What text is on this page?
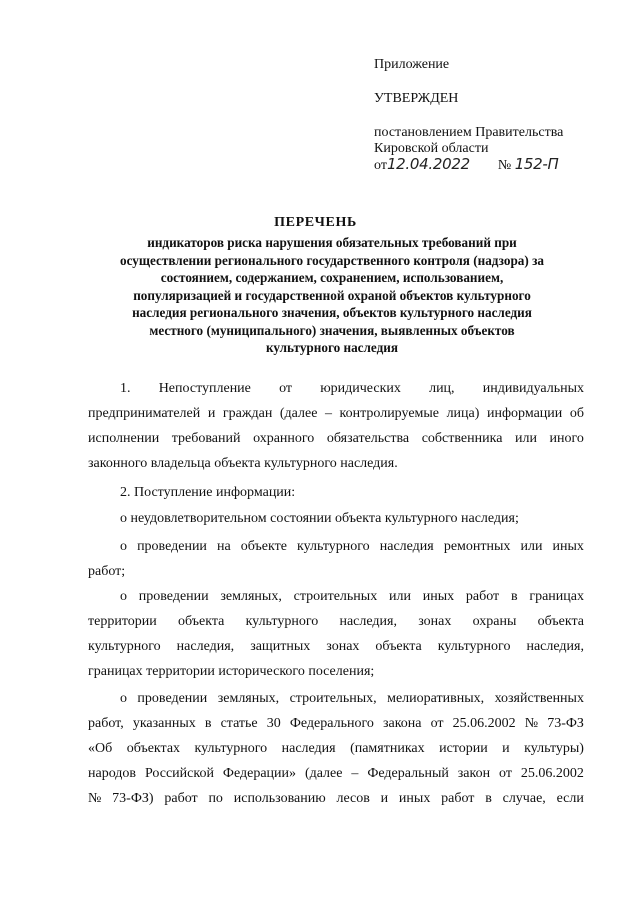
Приложение
УТВЕРЖДЕН
постановлением Правительства
Кировской области
от12.04.2022 № 152-П
ПЕРЕЧЕНЬ
индикаторов риска нарушения обязательных требований при
осуществлении регионального государственного контроля (надзора) за
состоянием, содержанием, сохранением, использованием,
популяризацией и государственной охраной объектов культурного
наследия регионального значения, объектов культурного наследия
местного (муниципального) значения, выявленных объектов
культурного наследия
1. Непоступление от юридических лиц, индивидуальных
предпринимателей и граждан (далее – контролируемые лица) информации об
исполнении требований охранного обязательства собственника или иного
законного владельца объекта культурного наследия.
2. Поступление информации:
о неудовлетворительном состоянии объекта культурного наследия;
о проведении на объекте культурного наследия ремонтных или иных
работ;
о проведении земляных, строительных или иных работ в границах
территории объекта культурного наследия, зонах охраны объекта
культурного наследия, защитных зонах объекта культурного наследия,
границах территории исторического поселения;
о проведении земляных, строительных, мелиоративных, хозяйственных
работ, указанных в статье 30 Федерального закона от 25.06.2002 № 73-ФЗ
«Об объектах культурного наследия (памятниках истории и культуры)
народов Российской Федерации» (далее – Федеральный закон от 25.06.2002
№ 73-ФЗ) работ по использованию лесов и иных работ в случае, если
